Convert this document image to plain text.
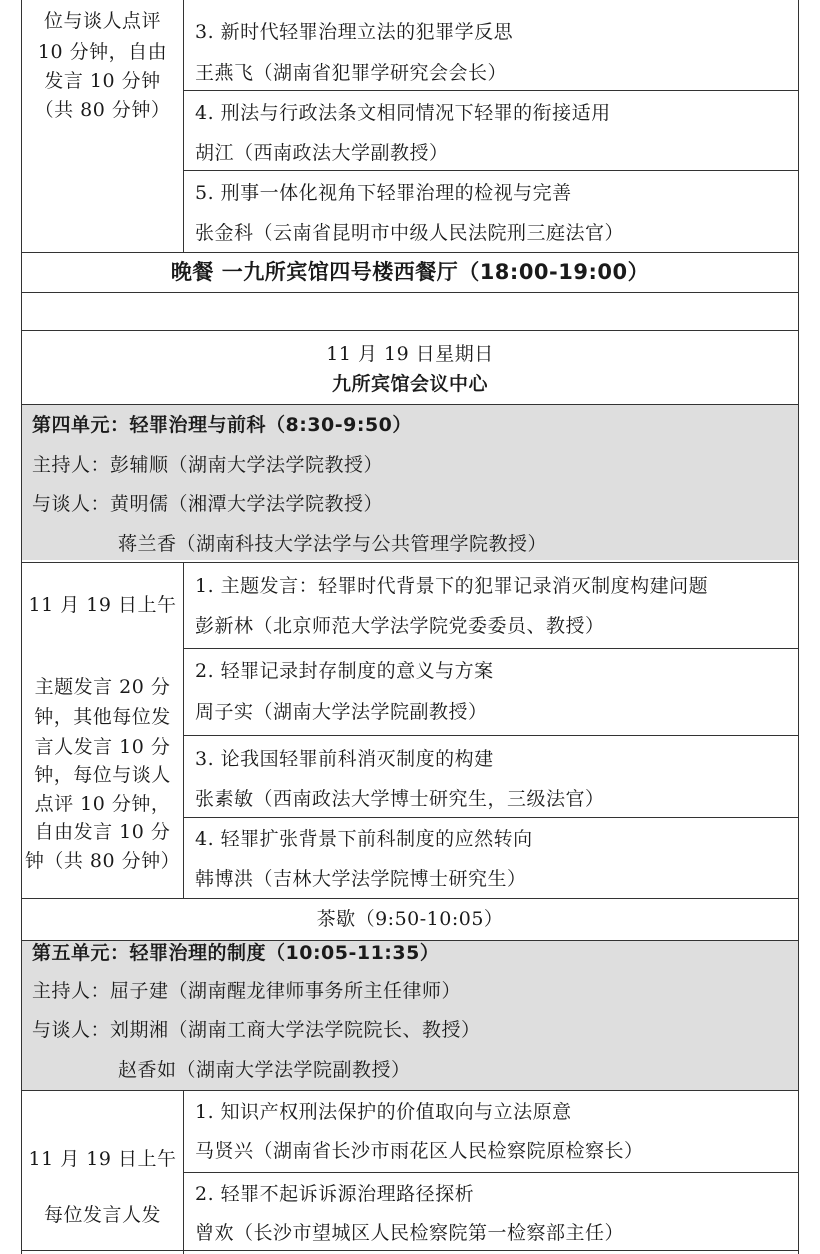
位与谈人点评
10 分钟，自由
发言 10 分钟
（共 80 分钟）
3. 新时代轻罪治理立法的犯罪学反思
王燕飞（湖南省犯罪学研究会会长）
4. 刑法与行政法条文相同情况下轻罪的衔接适用
胡江（西南政法大学副教授）
5. 刑事一体化视角下轻罪治理的检视与完善
张金科（云南省昆明市中级人民法院刑三庭法官）
晚餐 一九所宾馆四号楼西餐厅（18:00-19:00）
11 月 19 日星期日
九所宾馆会议中心
第四单元：轻罪治理与前科（8:30-9:50）
主持人：彭辅顺（湖南大学法学院教授）
与谈人：黄明儒（湘潭大学法学院教授）
蒋兰香（湖南科技大学法学与公共管理学院教授）
11 月 19 日上午
主题发言 20 分
钟，其他每位发
言人发言 10 分
钟，每位与谈人
点评 10 分钟，
自由发言 10 分
钟（共 80 分钟）
1. 主题发言：轻罪时代背景下的犯罪记录消灭制度构建问题
彭新林（北京师范大学法学院党委委员、教授）
2. 轻罪记录封存制度的意义与方案
周子实（湖南大学法学院副教授）
3. 论我国轻罪前科消灭制度的构建
张素敏（西南政法大学博士研究生，三级法官）
4. 轻罪扩张背景下前科制度的应然转向
韩博洪（吉林大学法学院博士研究生）
茶歇（9:50-10:05）
第五单元：轻罪治理的制度（10:05-11:35）
主持人：屈子建（湖南醒龙律师事务所主任律师）
与谈人：刘期湘（湖南工商大学法学院院长、教授）
赵香如（湖南大学法学院副教授）
11 月 19 日上午
每位发言人发
1. 知识产权刑法保护的价值取向与立法原意
马贤兴（湖南省长沙市雨花区人民检察院原检察长）
2. 轻罪不起诉诉源治理路径探析
曾欢（长沙市望城区人民检察院第一检察部主任）
